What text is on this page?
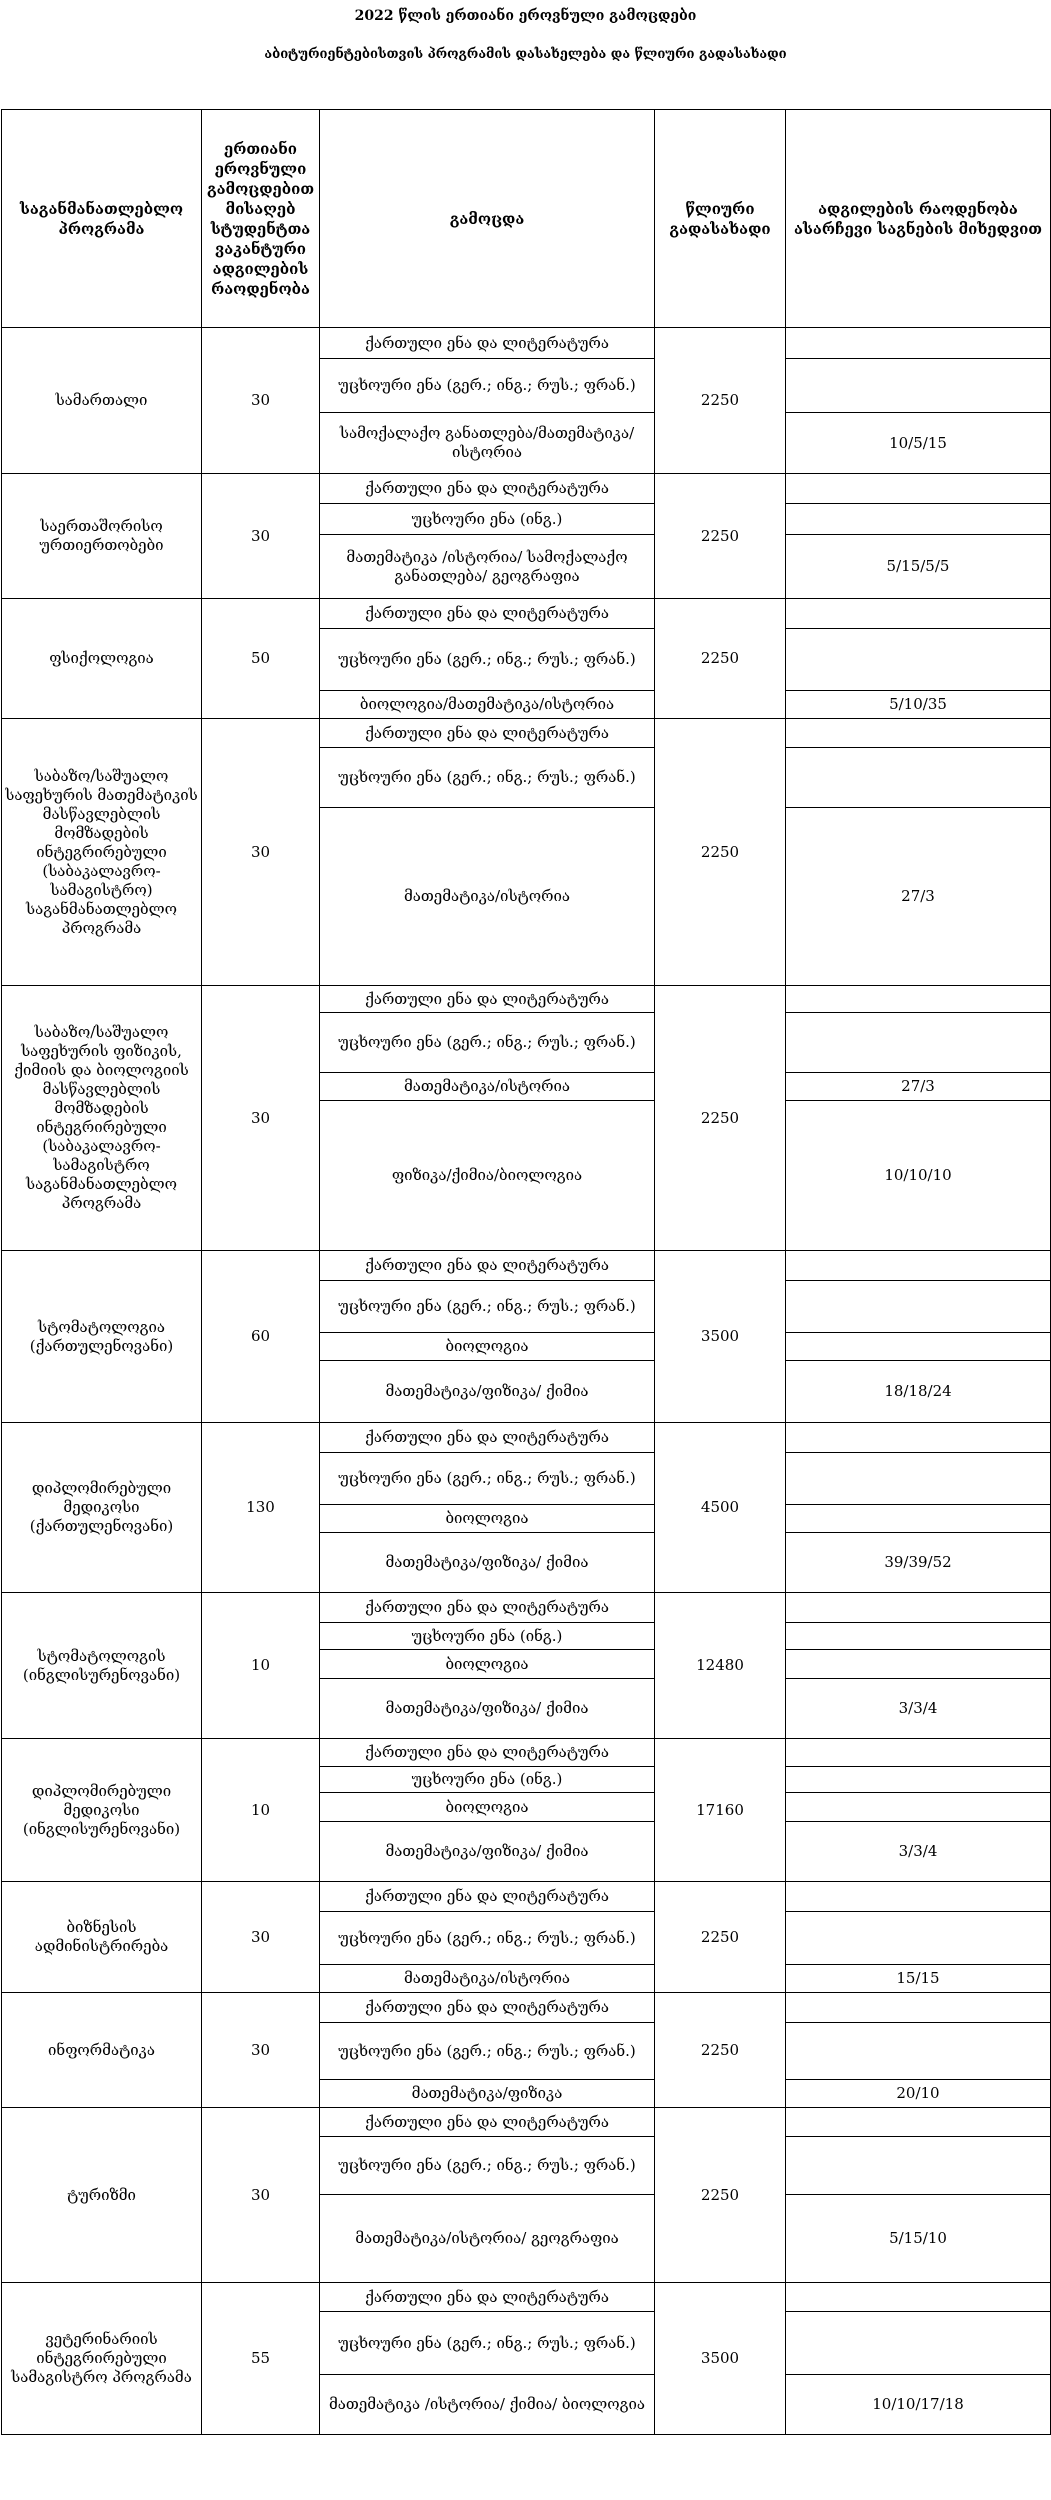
2022 წლის ერთიანი ეროვნული გამოცდები
აბიტურიენტებისთვის პროგრამის დასახელება და წლიური გადასახადი
საგანმანათლებლო პროგრამა	ერთიანი ეროვნული გამოცდებით მისაღებ სტუდენტთა ვაკანტური ადგილების რაოდენობა	გამოცდა	წლიური გადასახადი	ადგილების რაოდენობა ასარჩევი საგნების მიხედვით
სამართალი	30	ქართული ენა და ლიტერატურა	2250	
		უცხოური ენა (გერ.; ინგ.; რუს.; ფრან.)		
		სამოქალაქო განათლება/მათემატიკა/ისტორია		10/5/15
საერთაშორისო ურთიერთობები	30	ქართული ენა და ლიტერატურა	2250	
		უცხოური ენა (ინგ.)		
		მათემატიკა /ისტორია/ სამოქალაქო განათლება/ გეოგრაფია		5/15/5/5
ფსიქოლოგია	50	ქართული ენა და ლიტერატურა	2250	
		უცხოური ენა (გერ.; ინგ.; რუს.; ფრან.)		
		ბიოლოგია/მათემატიკა/ისტორია		5/10/35
საბაზო/საშუალო საფეხურის მათემატიკის მასწავლებლის მომზადების ინტეგრირებული (საბაკალავრო-სამაგისტრო) საგანმანათლებლო პროგრამა	30	ქართული ენა და ლიტერატურა	2250	
		უცხოური ენა (გერ.; ინგ.; რუს.; ფრან.)		
		მათემატიკა/ისტორია		27/3
საბაზო/საშუალო საფეხურის ფიზიკის, ქიმიის და ბიოლოგიის მასწავლებლის მომზადების ინტეგრირებული (საბაკალავრო-სამაგისტრო საგანმანათლებლო პროგრამა	30	ქართული ენა და ლიტერატურა	2250	
		უცხოური ენა (გერ.; ინგ.; რუს.; ფრან.)		
		მათემატიკა/ისტორია		27/3
		ფიზიკა/ქიმია/ბიოლოგია		10/10/10
სტომატოლოგია (ქართულენოვანი)	60	ქართული ენა და ლიტერატურა	3500	
		უცხოური ენა (გერ.; ინგ.; რუს.; ფრან.)		
		ბიოლოგია		
		მათემატიკა/ფიზიკა/ ქიმია		18/18/24
დიპლომირებული მედიკოსი (ქართულენოვანი)	130	ქართული ენა და ლიტერატურა	4500	
		უცხოური ენა (გერ.; ინგ.; რუს.; ფრან.)		
		ბიოლოგია		
		მათემატიკა/ფიზიკა/ ქიმია		39/39/52
სტომატოლოგის (ინგლისურენოვანი)	10	ქართული ენა და ლიტერატურა	12480	
		უცხოური ენა (ინგ.)		
		ბიოლოგია		
		მათემატიკა/ფიზიკა/ ქიმია		3/3/4
დიპლომირებული მედიკოსი (ინგლისურენოვანი)	10	ქართული ენა და ლიტერატურა	17160	
		უცხოური ენა (ინგ.)		
		ბიოლოგია		
		მათემატიკა/ფიზიკა/ ქიმია		3/3/4
ბიზნესის ადმინისტრირება	30	ქართული ენა და ლიტერატურა	2250	
		უცხოური ენა (გერ.; ინგ.; რუს.; ფრან.)		
		მათემატიკა/ისტორია		15/15
ინფორმატიკა	30	ქართული ენა და ლიტერატურა	2250	
		უცხოური ენა (გერ.; ინგ.; რუს.; ფრან.)		
		მათემატიკა/ფიზიკა		20/10
ტურიზმი	30	ქართული ენა და ლიტერატურა	2250	
		უცხოური ენა (გერ.; ინგ.; რუს.; ფრან.)		
		მათემატიკა/ისტორია/ გეოგრაფია		5/15/10
ვეტერინარიის ინტეგრირებული სამაგისტრო პროგრამა	55	ქართული ენა და ლიტერატურა	3500	
		უცხოური ენა (გერ.; ინგ.; რუს.; ფრან.)		
		მათემატიკა /ისტორია/ ქიმია/ ბიოლოგია		10/10/17/18
